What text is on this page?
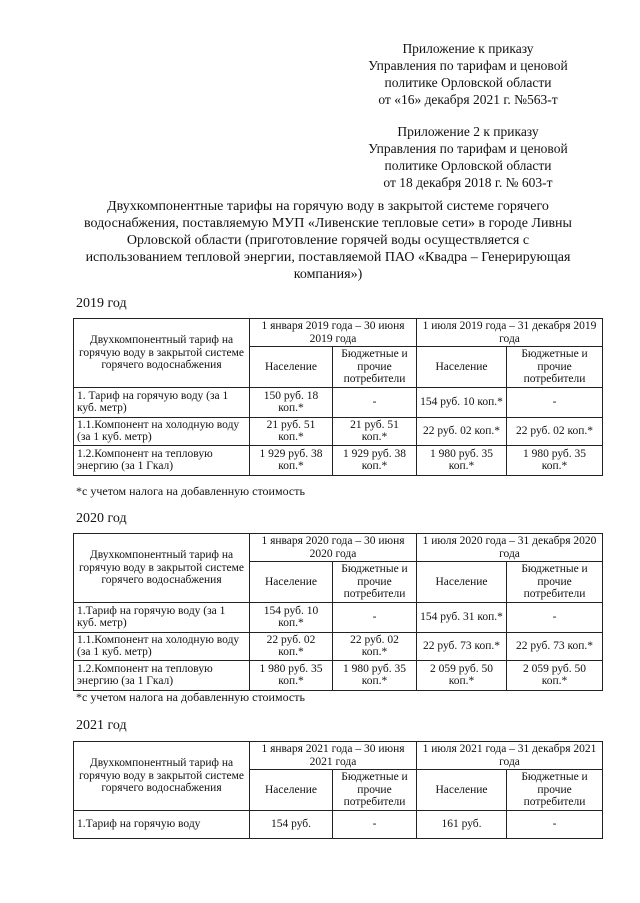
Приложение к приказу
Управления по тарифам и ценовой
политике Орловской области
от «16» декабря 2021 г. №563-т
Приложение 2 к приказу
Управления по тарифам и ценовой
политике Орловской области
от 18 декабря 2018 г. № 603-т
Двухкомпонентные тарифы на горячую воду в закрытой системе горячего водоснабжения, поставляемую МУП «Ливенские тепловые сети» в городе Ливны Орловской области (приготовление горячей воды осуществляется с использованием тепловой энергии, поставляемой ПАО «Квадра – Генерирующая компания»)
2019 год
Двухкомпонентный тариф на горячую воду в закрытой системе горячего водоснабжения	1 января 2019 года – 30 июня 2019 года		1 июля 2019 года – 31 декабря 2019 года	
	Население	Бюджетные и прочие потребители	Население	Бюджетные и прочие потребители
1. Тариф на горячую воду (за 1 куб. метр)	150 руб. 18 коп.*	-	154 руб. 10 коп.*	-
1.1.Компонент на холодную воду (за 1 куб. метр)	21 руб. 51 коп.*	21 руб. 51 коп.*	22 руб. 02 коп.*	22 руб. 02 коп.*
1.2.Компонент на тепловую энергию (за 1 Гкал)	1 929 руб. 38 коп.*	1 929 руб. 38 коп.*	1 980 руб. 35 коп.*	1 980 руб. 35 коп.*
*с учетом налога на добавленную стоимость
2020 год
Двухкомпонентный тариф на горячую воду в закрытой системе горячего водоснабжения	1 января 2020 года – 30 июня 2020 года		1 июля 2020 года – 31 декабря 2020 года	
	Население	Бюджетные и прочие потребители	Население	Бюджетные и прочие потребители
1.Тариф на горячую воду (за 1 куб. метр)	154 руб. 10 коп.*	-	154 руб. 31 коп.*	-
1.1.Компонент на холодную воду (за 1 куб. метр)	22 руб. 02 коп.*	22 руб. 02 коп.*	22 руб. 73 коп.*	22 руб. 73 коп.*
1.2.Компонент на тепловую энергию (за 1 Гкал)	1 980 руб. 35 коп.*	1 980 руб. 35 коп.*	2 059 руб. 50 коп.*	2 059 руб. 50 коп.*
*с учетом налога на добавленную стоимость
2021 год
Двухкомпонентный тариф на горячую воду в закрытой системе горячего водоснабжения	1 января 2021 года – 30 июня 2021 года		1 июля 2021 года – 31 декабря 2021 года	
	Население	Бюджетные и прочие потребители	Население	Бюджетные и прочие потребители
1.Тариф на горячую воду	154 руб.	-	161 руб.	-
